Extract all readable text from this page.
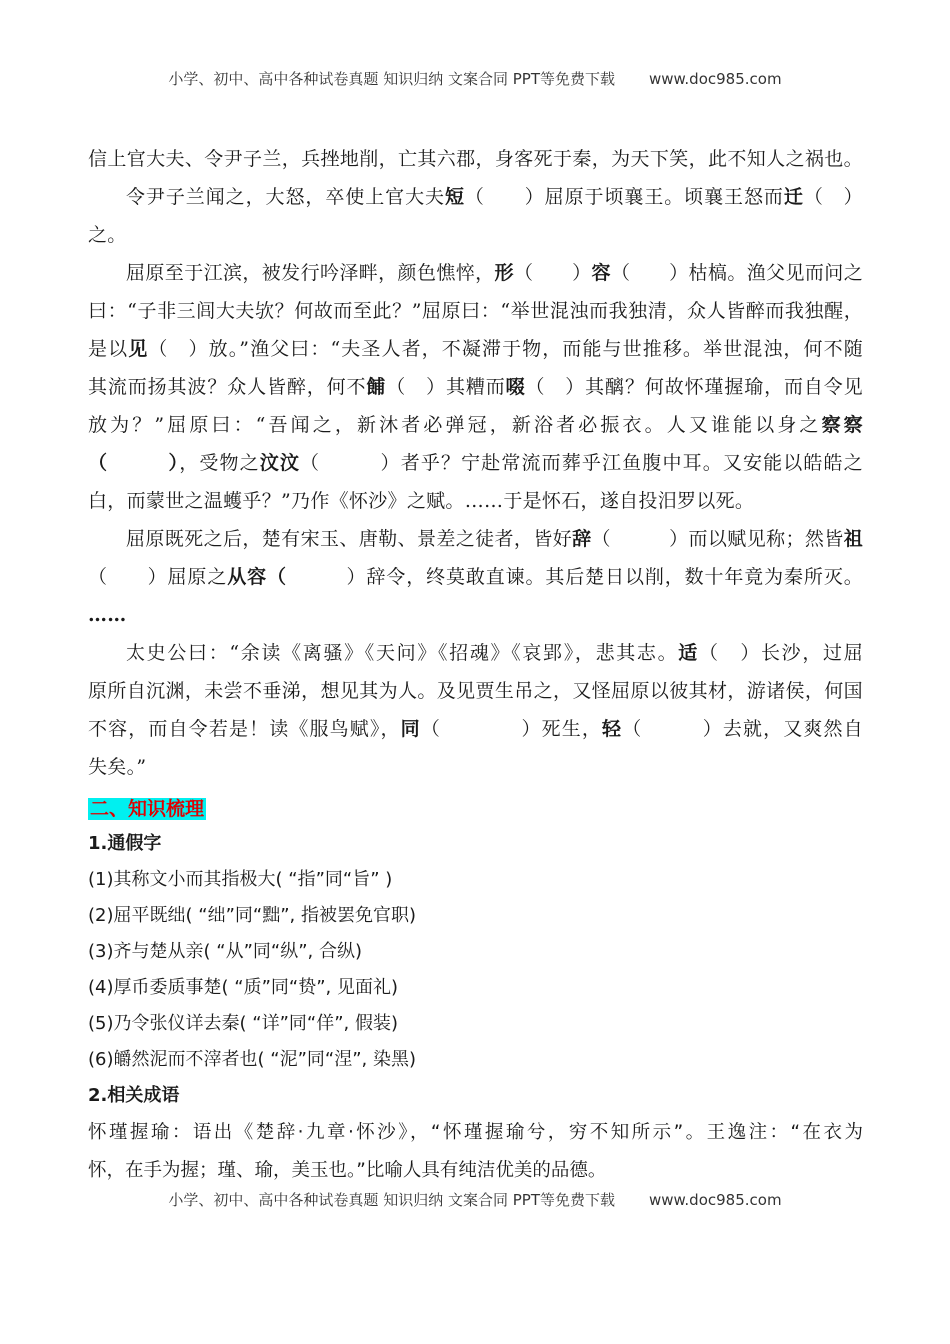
小学、初中、高中各种试卷真题 知识归纳 文案合同 PPT等免费下载 www.doc985.com
信上官大夫、令尹子兰，兵挫地削，亡其六郡，身客死于秦，为天下笑，此不知人之祸也。
令尹子兰闻之，大怒，卒使上官大夫短（　　）屈原于顷襄王。顷襄王怒而迁（　）
之。
屈原至于江滨，被发行吟泽畔，颜色憔悴，形（　　）容（　　）枯槁。渔父见而问之
曰：“子非三闾大夫欤？何故而至此？”屈原曰：“举世混浊而我独清，众人皆醉而我独醒，
是以见（　）放。”渔父曰：“夫圣人者，不凝滞于物，而能与世推移。举世混浊，何不随
其流而扬其波？众人皆醉，何不餔（　）其糟而啜（　）其醨？何故怀瑾握瑜，而自令见
放为？”屈原曰：“吾闻之，新沐者必弹冠，新浴者必振衣。人又谁能以身之察察
（　　　），受物之汶汶（　　　）者乎？宁赴常流而葬乎江鱼腹中耳。又安能以皓皓之
白，而蒙世之温蠖乎？”乃作《怀沙》之赋。……于是怀石，遂自投汨罗以死。
屈原既死之后，楚有宋玉、唐勒、景差之徒者，皆好辞（　　　）而以赋见称；然皆祖
（　　）屈原之从容（　　　）辞令，终莫敢直谏。其后楚日以削，数十年竟为秦所灭。
……
太史公曰：“余读《离骚》《天问》《招魂》《哀郢》，悲其志。适（　）长沙，过屈
原所自沉渊，未尝不垂涕，想见其为人。及见贾生吊之，又怪屈原以彼其材，游诸侯，何国
不容，而自令若是！读《服鸟赋》，同（　　　　）死生，轻（　　　）去就，又爽然自
失矣。”
二、知识梳理
1.通假字
(1)其称文小而其指极大( “指”同“旨” )
(2)屈平既绌( “绌”同“黜”, 指被罢免官职)
(3)齐与楚从亲( “从”同“纵”, 合纵)
(4)厚币委质事楚( “质”同“贽”, 见面礼)
(5)乃令张仪详去秦( “详”同“佯”, 假装)
(6)皭然泥而不滓者也( “泥”同“涅”, 染黑)
2.相关成语
怀瑾握瑜：语出《楚辞·九章·怀沙》，“怀瑾握瑜兮，穷不知所示”。王逸注：“在衣为
怀，在手为握；瑾、瑜，美玉也。”比喻人具有纯洁优美的品德。
小学、初中、高中各种试卷真题 知识归纳 文案合同 PPT等免费下载 www.doc985.com
